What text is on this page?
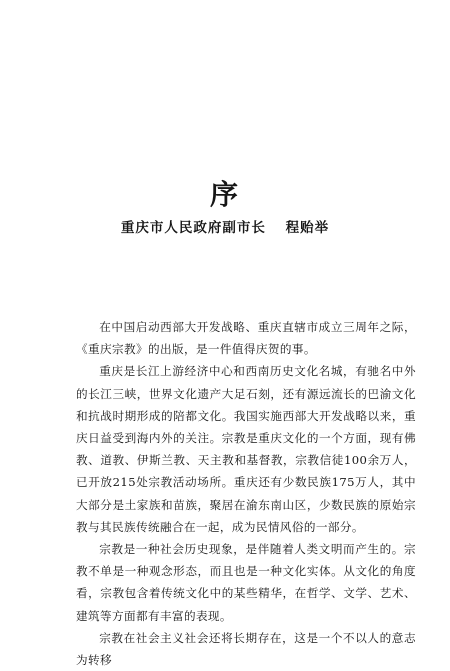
序
重庆市人民政府副市长 程贻举

在中国启动西部大开发战略、重庆直辖市成立三周年之际，《重庆宗教》的出版，是一件值得庆贺的事。

重庆是长江上游经济中心和西南历史文化名城，有驰名中外的长江三峡，世界文化遗产大足石刻，还有源远流长的巴渝文化和抗战时期形成的陪都文化。我国实施西部大开发战略以来，重庆日益受到海内外的关注。宗教是重庆文化的一个方面，现有佛教、道教、伊斯兰教、天主教和基督教，宗教信徒100余万人，已开放215处宗教活动场所。重庆还有少数民族175万人，其中大部分是土家族和苗族，聚居在渝东南山区，少数民族的原始宗教与其民族传统融合在一起，成为民情风俗的一部分。

宗教是一种社会历史现象，是伴随着人类文明而产生的。宗教不单是一种观念形态，而且也是一种文化实体。从文化的角度看，宗教包含着传统文化中的某些精华，在哲学、文学、艺术、建筑等方面都有丰富的表现。

宗教在社会主义社会还将长期存在，这是一个不以人的意志为转移
